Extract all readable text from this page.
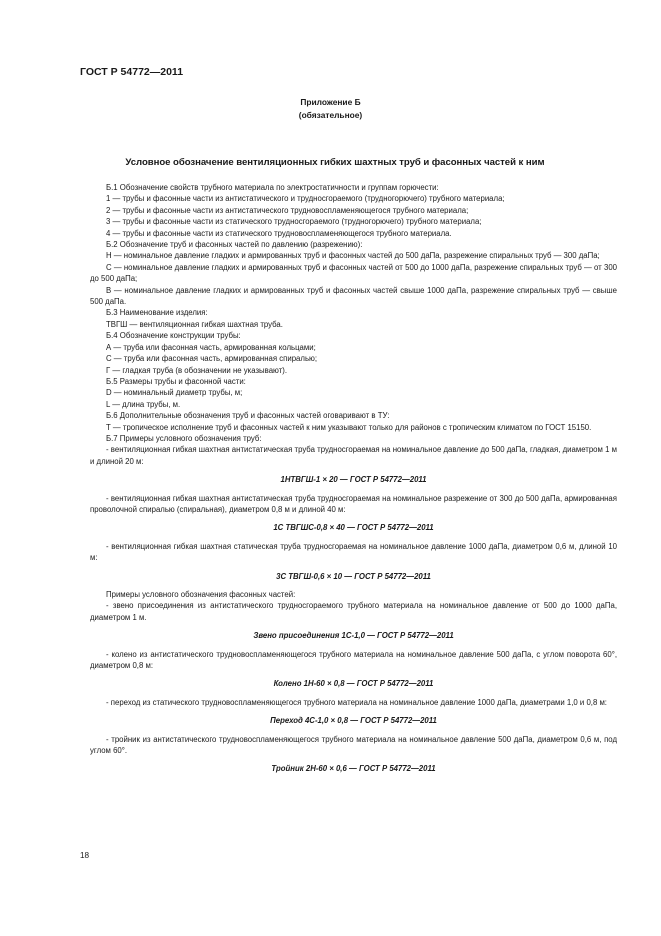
ГОСТ Р 54772—2011
Приложение Б
(обязательное)
Условное обозначение вентиляционных гибких шахтных труб и фасонных частей к ним

Б.1 Обозначение свойств трубного материала по электростатичности и группам горючести:

1 — трубы и фасонные части из антистатического и трудносгораемого (трудногорючего) трубного материала;

2 — трубы и фасонные части из антистатического трудновоспламеняющегося трубного материала;

3 — трубы и фасонные части из статического трудносгораемого (трудногорючего) трубного материала;

4 — трубы и фасонные части из статического трудновоспламеняющегося трубного материала.

Б.2 Обозначение труб и фасонных частей по давлению (разрежению):

Н — номинальное давление гладких и армированных труб и фасонных частей до 500 даПа, разрежение спиральных труб — 300 даПа;

С — номинальное давление гладких и армированных труб и фасонных частей от 500 до 1000 даПа, разрежение спиральных труб — от 300 до 500 даПа;

В — номинальное давление гладких и армированных труб и фасонных частей свыше 1000 даПа, разрежение спиральных труб — свыше 500 даПа.

Б.3 Наименование изделия:

ТВГШ — вентиляционная гибкая шахтная труба.

Б.4 Обозначение конструкции трубы:

А — труба или фасонная часть, армированная кольцами;

С — труба или фасонная часть, армированная спиралью;

Г — гладкая труба (в обозначении не указывают).

Б.5 Размеры трубы и фасонной части:

D — номинальный диаметр трубы, м;

L — длина трубы, м.

Б.6 Дополнительные обозначения труб и фасонных частей оговаривают в ТУ:

Т — тропическое исполнение труб и фасонных частей к ним указывают только для районов с тропическим климатом по ГОСТ 15150.

Б.7 Примеры условного обозначения труб:

- вентиляционная гибкая шахтная антистатическая труба трудносгораемая на номинальное давление до 500 даПа, гладкая, диаметром 1 м и длиной 20 м:

1НТВГШ-1 × 20 — ГОСТ Р 54772—2011

- вентиляционная гибкая шахтная антистатическая труба трудносгораемая на номинальное разрежение от 300 до 500 даПа, армированная проволочной спиралью (спиральная), диаметром 0,8 м и длиной 40 м:

1С ТВГШС-0,8 × 40 — ГОСТ Р 54772—2011

- вентиляционная гибкая шахтная статическая труба трудносгораемая на номинальное давление 1000 даПа, диаметром 0,6 м, длиной 10 м:

3С ТВГШ-0,6 × 10 — ГОСТ Р 54772—2011

Примеры условного обозначения фасонных частей:

- звено присоединения из антистатического трудносгораемого трубного материала на номинальное давление от 500 до 1000 даПа, диаметром 1 м.

Звено присоединения 1С-1,0 — ГОСТ Р 54772—2011

- колено из антистатического трудновоспламеняющегося трубного материала на номинальное давление 500 даПа, с углом поворота 60°, диаметром 0,8 м:

Колено 1Н-60 × 0,8 — ГОСТ Р 54772—2011

- переход из статического трудновоспламеняющегося трубного материала на номинальное давление 1000 даПа, диаметрами 1,0 и 0,8 м:

Переход 4С-1,0 × 0,8 — ГОСТ Р 54772—2011

- тройник из антистатического трудновоспламеняющегося трубного материала на номинальное давление 500 даПа, диаметром 0,6 м, под углом 60°.

Тройник 2Н-60 × 0,6 — ГОСТ Р 54772—2011

18
